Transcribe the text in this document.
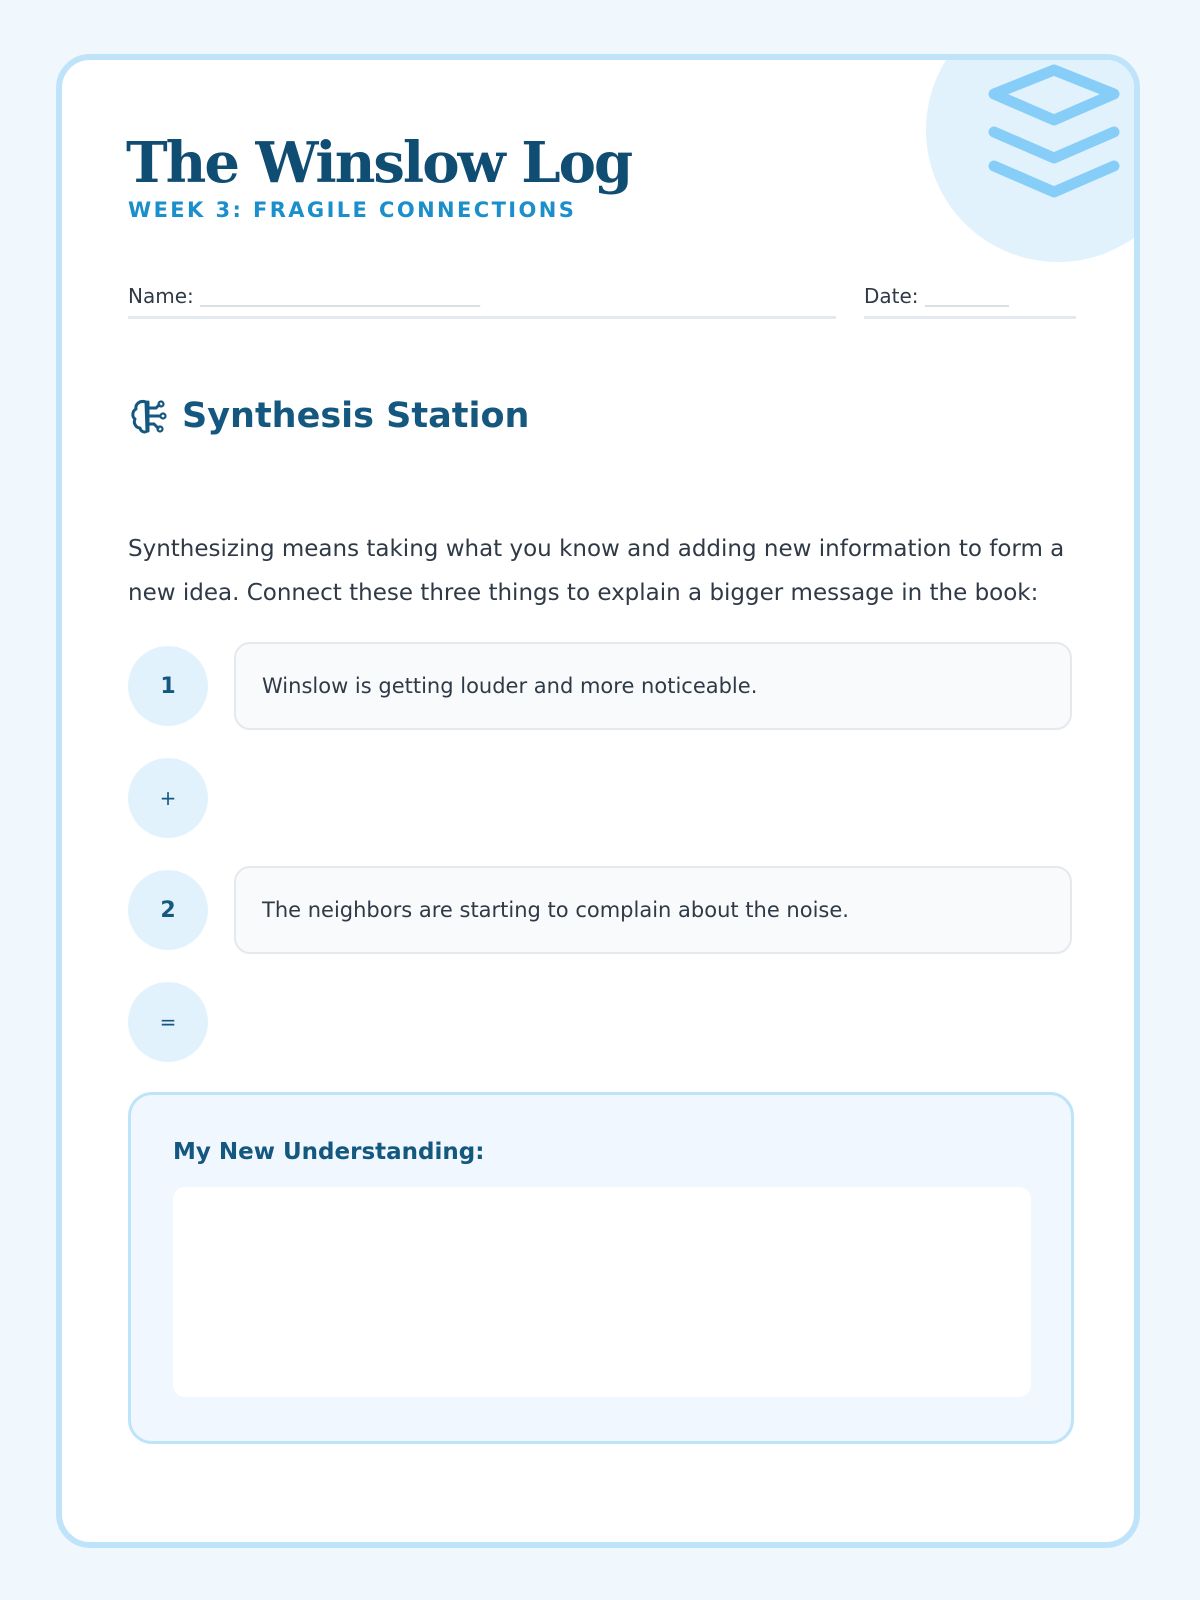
The Winslow Log
WEEK 3: FRAGILE CONNECTIONS
Name: ________________________________________	Date: ____________
Synthesis Station

Synthesizing means taking what you know and adding new information to form a new idea. Connect these three things to explain a bigger message in the book:

1	Winslow is getting louder and more noticeable.
+
2	The neighbors are starting to complain about the noise.
=
My New Understanding:
